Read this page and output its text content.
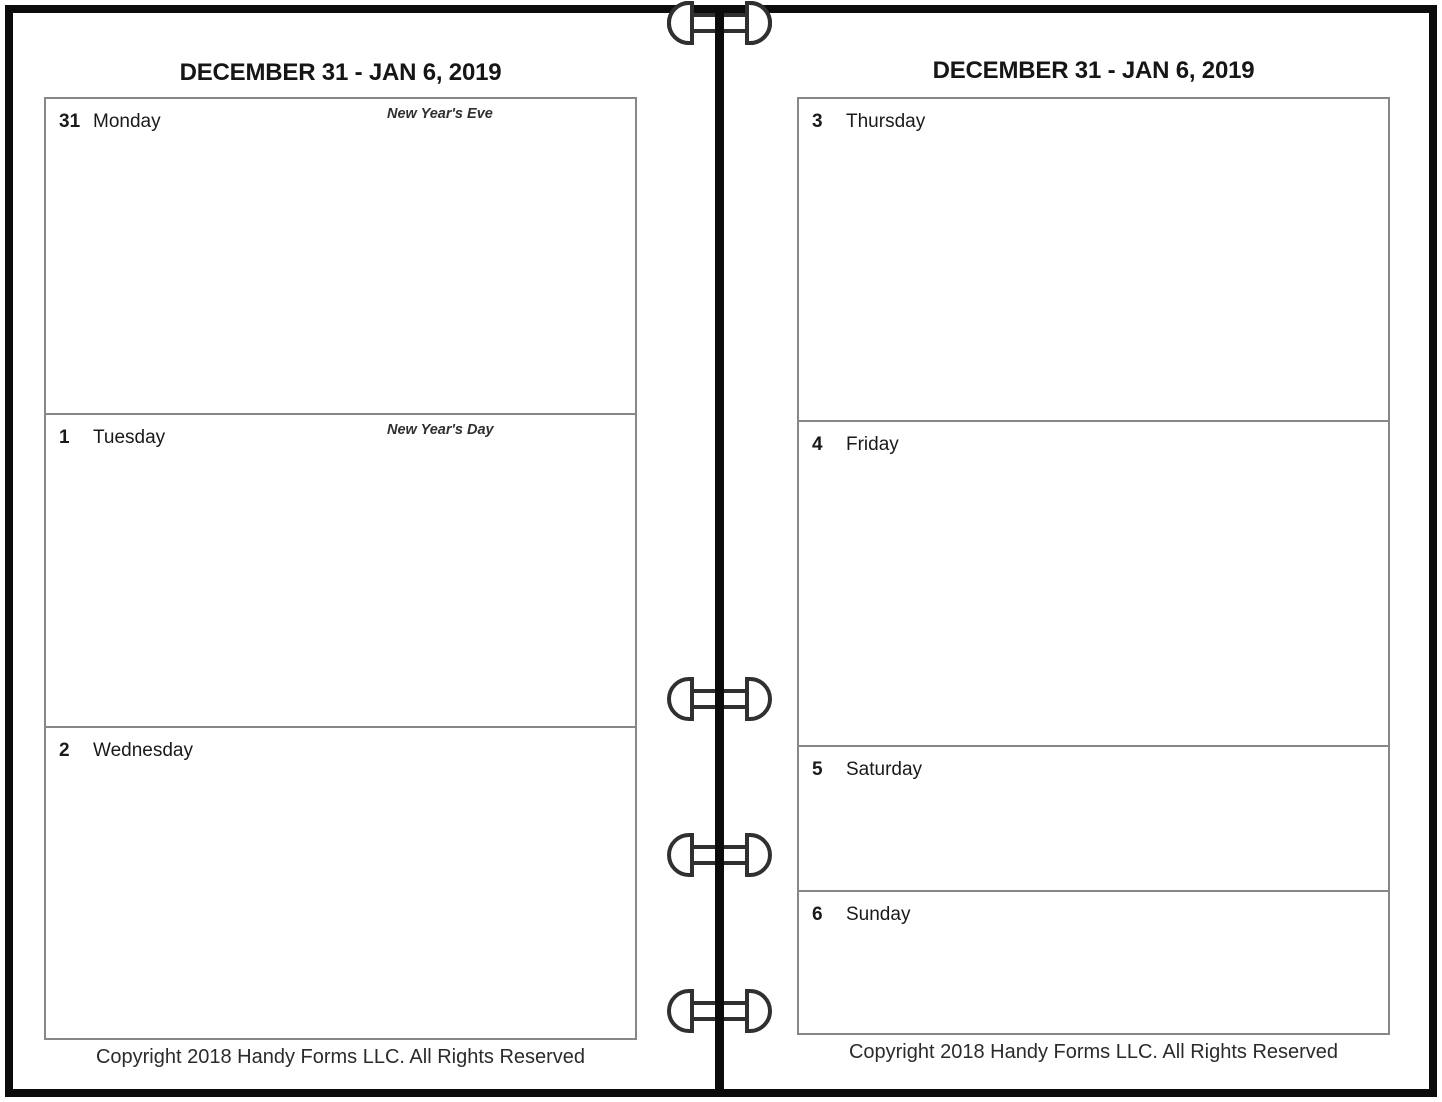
DECEMBER 31 - JAN 6, 2019
31 Monday	New Year's Eve
1 Tuesday	New Year's Day
2 Wednesday
Copyright 2018 Handy Forms LLC. All Rights Reserved
DECEMBER 31 - JAN 6, 2019
3 Thursday
4 Friday
5 Saturday
6 Sunday
Copyright 2018 Handy Forms LLC. All Rights Reserved
